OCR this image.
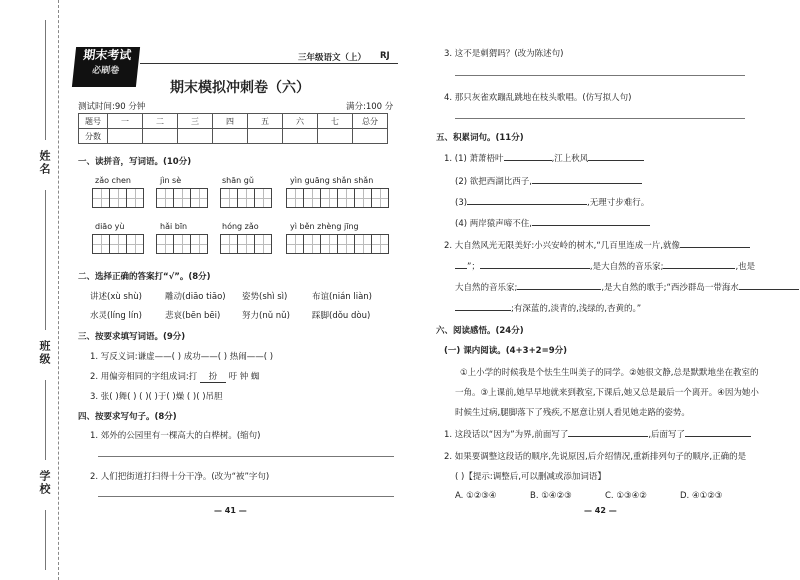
姓名
班级
学校
期末考试
必刷卷
三年级语文（上） RJ
期末模拟冲刺卷（六）
测试时间:90 分钟	满分:100 分
题号	一	二	三	四	五	六	七	总分
分数								
一、读拼音，写词语。(10分)
zǎo chen	jìn sè	shān gǔ	yìn guāng shǎn shǎn
diāo yù	hǎi bīn	hóng zǎo	yì běn zhèng jīng
二、选择正确的答案打“√”。(8分)
讲述(xù shù)	雕动(diāo tiāo) 姿势(shì sì)	布谊(nián liàn)
水灵(líng lín)	悲哀(bēn bēi)	努力(nǔ nǔ)	踩脚(dǒu dòu)
三、按要求填写词语。(9分)
1. 写反义词:谦虚——( ) 成功——( ) 热闹——( )
2. 用偏旁相同的字组成词:打 扮 吁 钟 蜘
3. 张( )舞( ) ( )( )于( )燥 ( )( )吊胆
四、按要求写句子。(8分)
1. 郊外的公园里有一棵高大的白桦树。(缩句)
2. 人们把街道打扫得十分干净。(改为“被”字句)
— 41 —
3. 这不是刺猬吗？(改为陈述句)
4. 那只灰雀欢蹦乱跳地在枝头歌唱。(仿写拟人句)
五、积累词句。(11分)
1. (1) 萧萧梧叶	,江上秋风
(2) 欲把西湖比西子,
(3)	,无理寸步难行。
(4) 两岸猿声啼不住,
2. 大自然风光无限美好:小兴安岭的树木,“几百里连成一片,就像
”；	,是大自然的音乐家;	,也是
大自然的音乐家;	,是大自然的歌手;“西沙群岛一带海水
;有深蓝的,淡青的,浅绿的,杏黄的。”
六、阅读感悟。(24分)
(一) 课内阅读。(4+3+2=9分)
①上小学的时候我是个怯生生叫美子的同学。②她很文静,总是默默地坐在教室的
一角。③上课前,她早早地就来到教室,下课后,她又总是最后一个离开。④因为她小
时候生过病,腿脚落下了残疾,不愿意让别人看见她走路的姿势。
1. 这段话以“因为”为界,前面写了	,后面写了
2. 如果要调整这段话的顺序,先说原因,后介绍情况,重新排列句子的顺序,正确的是
( )【提示:调整后,可以删减或添加词语】
A. ①②③④	B. ①④②③	C. ①③④②	D. ④①②③
— 42 —
